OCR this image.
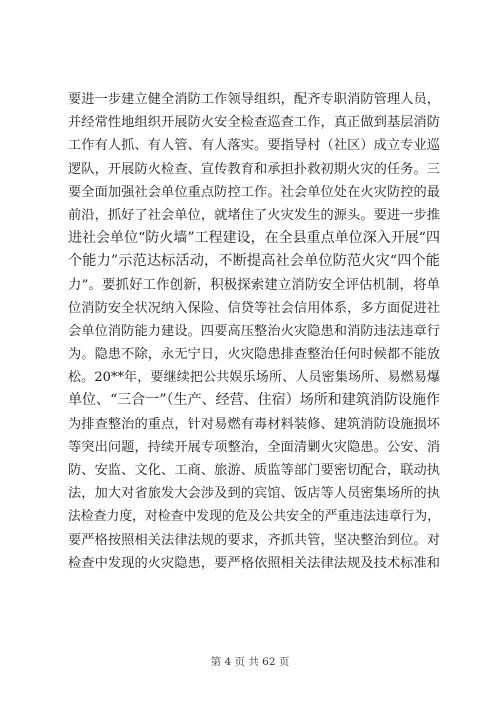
要进一步建立健全消防工作领导组织，配齐专职消防管理人员，
并经常性地组织开展防火安全检查巡查工作，真正做到基层消防
工作有人抓、有人管、有人落实。要指导村（社区）成立专业巡
逻队，开展防火检查、宣传教育和承担扑救初期火灾的任务。三
要全面加强社会单位重点防控工作。社会单位处在火灾防控的最
前沿，抓好了社会单位，就堵住了火灾发生的源头。要进一步推
进社会单位“防火墙”工程建设，在全县重点单位深入开展“四
个能力”示范达标活动，不断提高社会单位防范火灾“四个能
力”。要抓好工作创新，积极探索建立消防安全评估机制，将单
位消防安全状况纳入保险、信贷等社会信用体系，多方面促进社
会单位消防能力建设。四要高压整治火灾隐患和消防违法违章行
为。隐患不除，永无宁日，火灾隐患排查整治任何时候都不能放
松。20**年，要继续把公共娱乐场所、人员密集场所、易燃易爆
单位、“三合一”（生产、经营、住宿）场所和建筑消防设施作
为排查整治的重点，针对易燃有毒材料装修、建筑消防设施损坏
等突出问题，持续开展专项整治，全面清剿火灾隐患。公安、消
防、安监、文化、工商、旅游、质监等部门要密切配合，联动执
法，加大对省旅发大会涉及到的宾馆、饭店等人员密集场所的执
法检查力度，对检查中发现的危及公共安全的严重违法违章行为，
要严格按照相关法律法规的要求，齐抓共管，坚决整治到位。对
检查中发现的火灾隐患，要严格依照相关法律法规及技术标准和
第 4 页 共 62 页
